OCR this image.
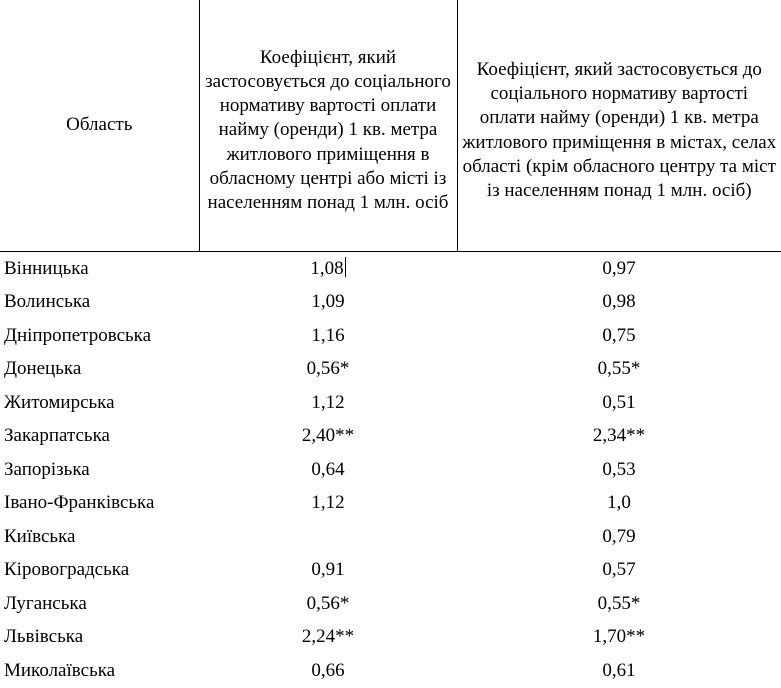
Область	Коефіцієнт, який застосовується до соціального нормативу вартості оплати найму (оренди) 1 кв. метра житлового приміщення в обласному центрі або місті із населенням понад 1 млн. осіб	Коефіцієнт, який застосовується до соціального нормативу вартості оплати найму (оренди) 1 кв. метра житлового приміщення в містах, селах області (крім обласного центру та міст із населенням понад 1 млн. осіб)

Вінницька	1,08	0,97
Волинська	1,09	0,98
Дніпропетровська	1,16	0,75
Донецька	0,56*	0,55*
Житомирська	1,12	0,51
Закарпатська	2,40**	2,34**
Запорізька	0,64	0,53
Івано-Франківська	1,12	1,0
Київська		0,79
Кіровоградська	0,91	0,57
Луганська	0,56*	0,55*
Львівська	2,24**	1,70**
Миколаївська	0,66	0,61
